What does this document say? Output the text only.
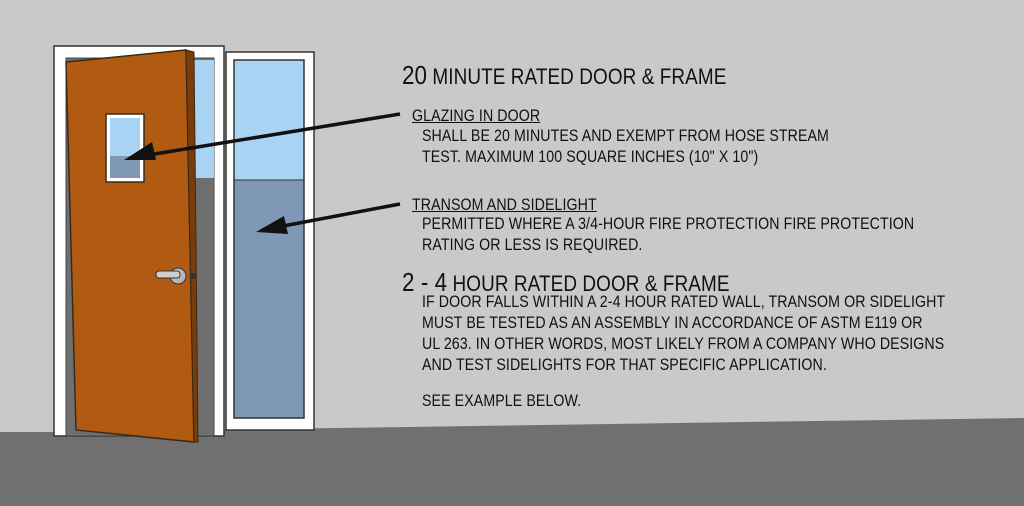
20 MINUTE RATED DOOR & FRAME
GLAZING IN DOOR
SHALL BE 20 MINUTES AND EXEMPT FROM HOSE STREAM
TEST. MAXIMUM 100 SQUARE INCHES (10" X 10")
TRANSOM AND SIDELIGHT
PERMITTED WHERE A 3/4-HOUR FIRE PROTECTION FIRE PROTECTION
RATING OR LESS IS REQUIRED.
2 - 4 HOUR RATED DOOR & FRAME
IF DOOR FALLS WITHIN A 2-4 HOUR RATED WALL, TRANSOM OR SIDELIGHT
MUST BE TESTED AS AN ASSEMBLY IN ACCORDANCE OF ASTM E119 OR
UL 263. IN OTHER WORDS, MOST LIKELY FROM A COMPANY WHO DESIGNS
AND TEST SIDELIGHTS FOR THAT SPECIFIC APPLICATION.
SEE EXAMPLE BELOW.
